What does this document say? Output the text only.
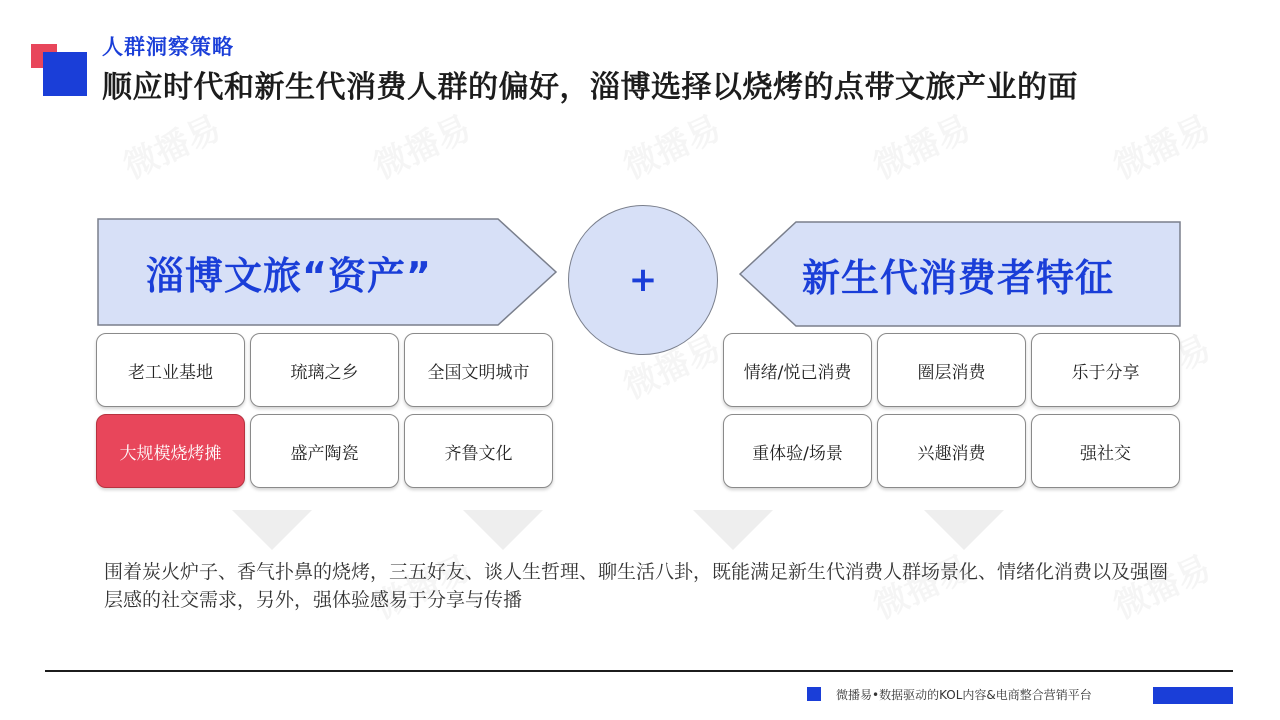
人群洞察策略
顺应时代和新生代消费人群的偏好，淄博选择以烧烤的点带文旅产业的面
淄博文旅“资产”	+	新生代消费者特征
老工业基地	琉璃之乡	全国文明城市
大规模烧烤摊	盛产陶瓷	齐鲁文化
情绪/悦己消费	圈层消费	乐于分享
重体验/场景	兴趣消费	强社交
围着炭火炉子、香气扑鼻的烧烤，三五好友、谈人生哲理、聊生活八卦，既能满足新生代消费人群场景化、情绪化消费以及强圈层感的社交需求，另外，强体验感易于分享与传播
微播易•数据驱动的KOL内容&电商整合营销平台
